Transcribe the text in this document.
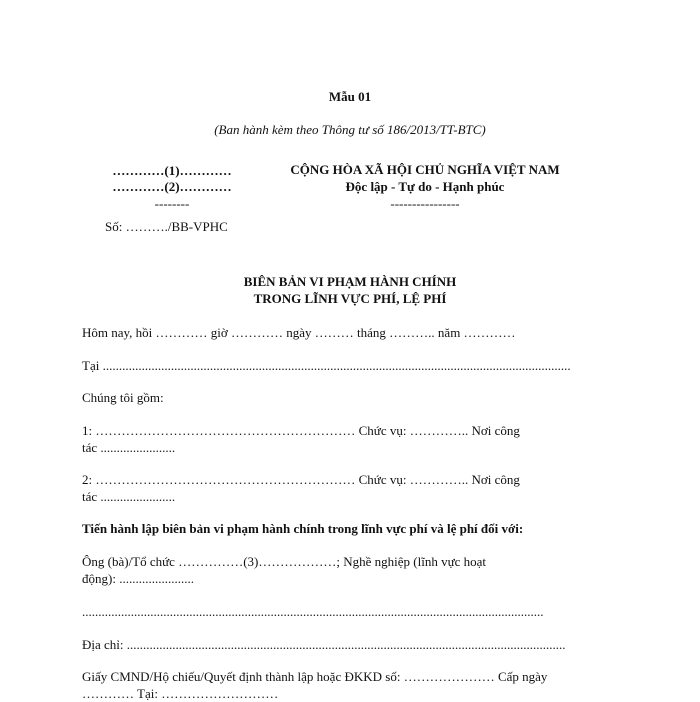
Mẫu 01
(Ban hành kèm theo Thông tư số 186/2013/TT-BTC)
…………(1)…………
…………(2)…………
--------
Số: ………./BB-VPHC
CỘNG HÒA XÃ HỘI CHỦ NGHĨA VIỆT NAM
Độc lập - Tự do - Hạnh phúc
----------------
BIÊN BẢN VI PHẠM HÀNH CHÍNH
TRONG LĨNH VỰC PHÍ, LỆ PHÍ
Hôm nay, hồi ………… giờ ………… ngày ……… tháng ……….. năm …………
Tại ................................................................................................................................................
Chúng tôi gồm:
1: …………………………………………………… Chức vụ: ………….. Nơi công
tác .......................
2: …………………………………………………… Chức vụ: ………….. Nơi công
tác .......................
Tiến hành lập biên bản vi phạm hành chính trong lĩnh vực phí và lệ phí đối với:
Ông (bà)/Tổ chức ……………(3)………………; Nghề nghiệp (lĩnh vực hoạt
động): .......................
..............................................................................................................................................
Địa chỉ: .......................................................................................................................................
Giấy CMND/Hộ chiếu/Quyết định thành lập hoặc ĐKKD số: ………………… Cấp ngày
………… Tại: ………………………
